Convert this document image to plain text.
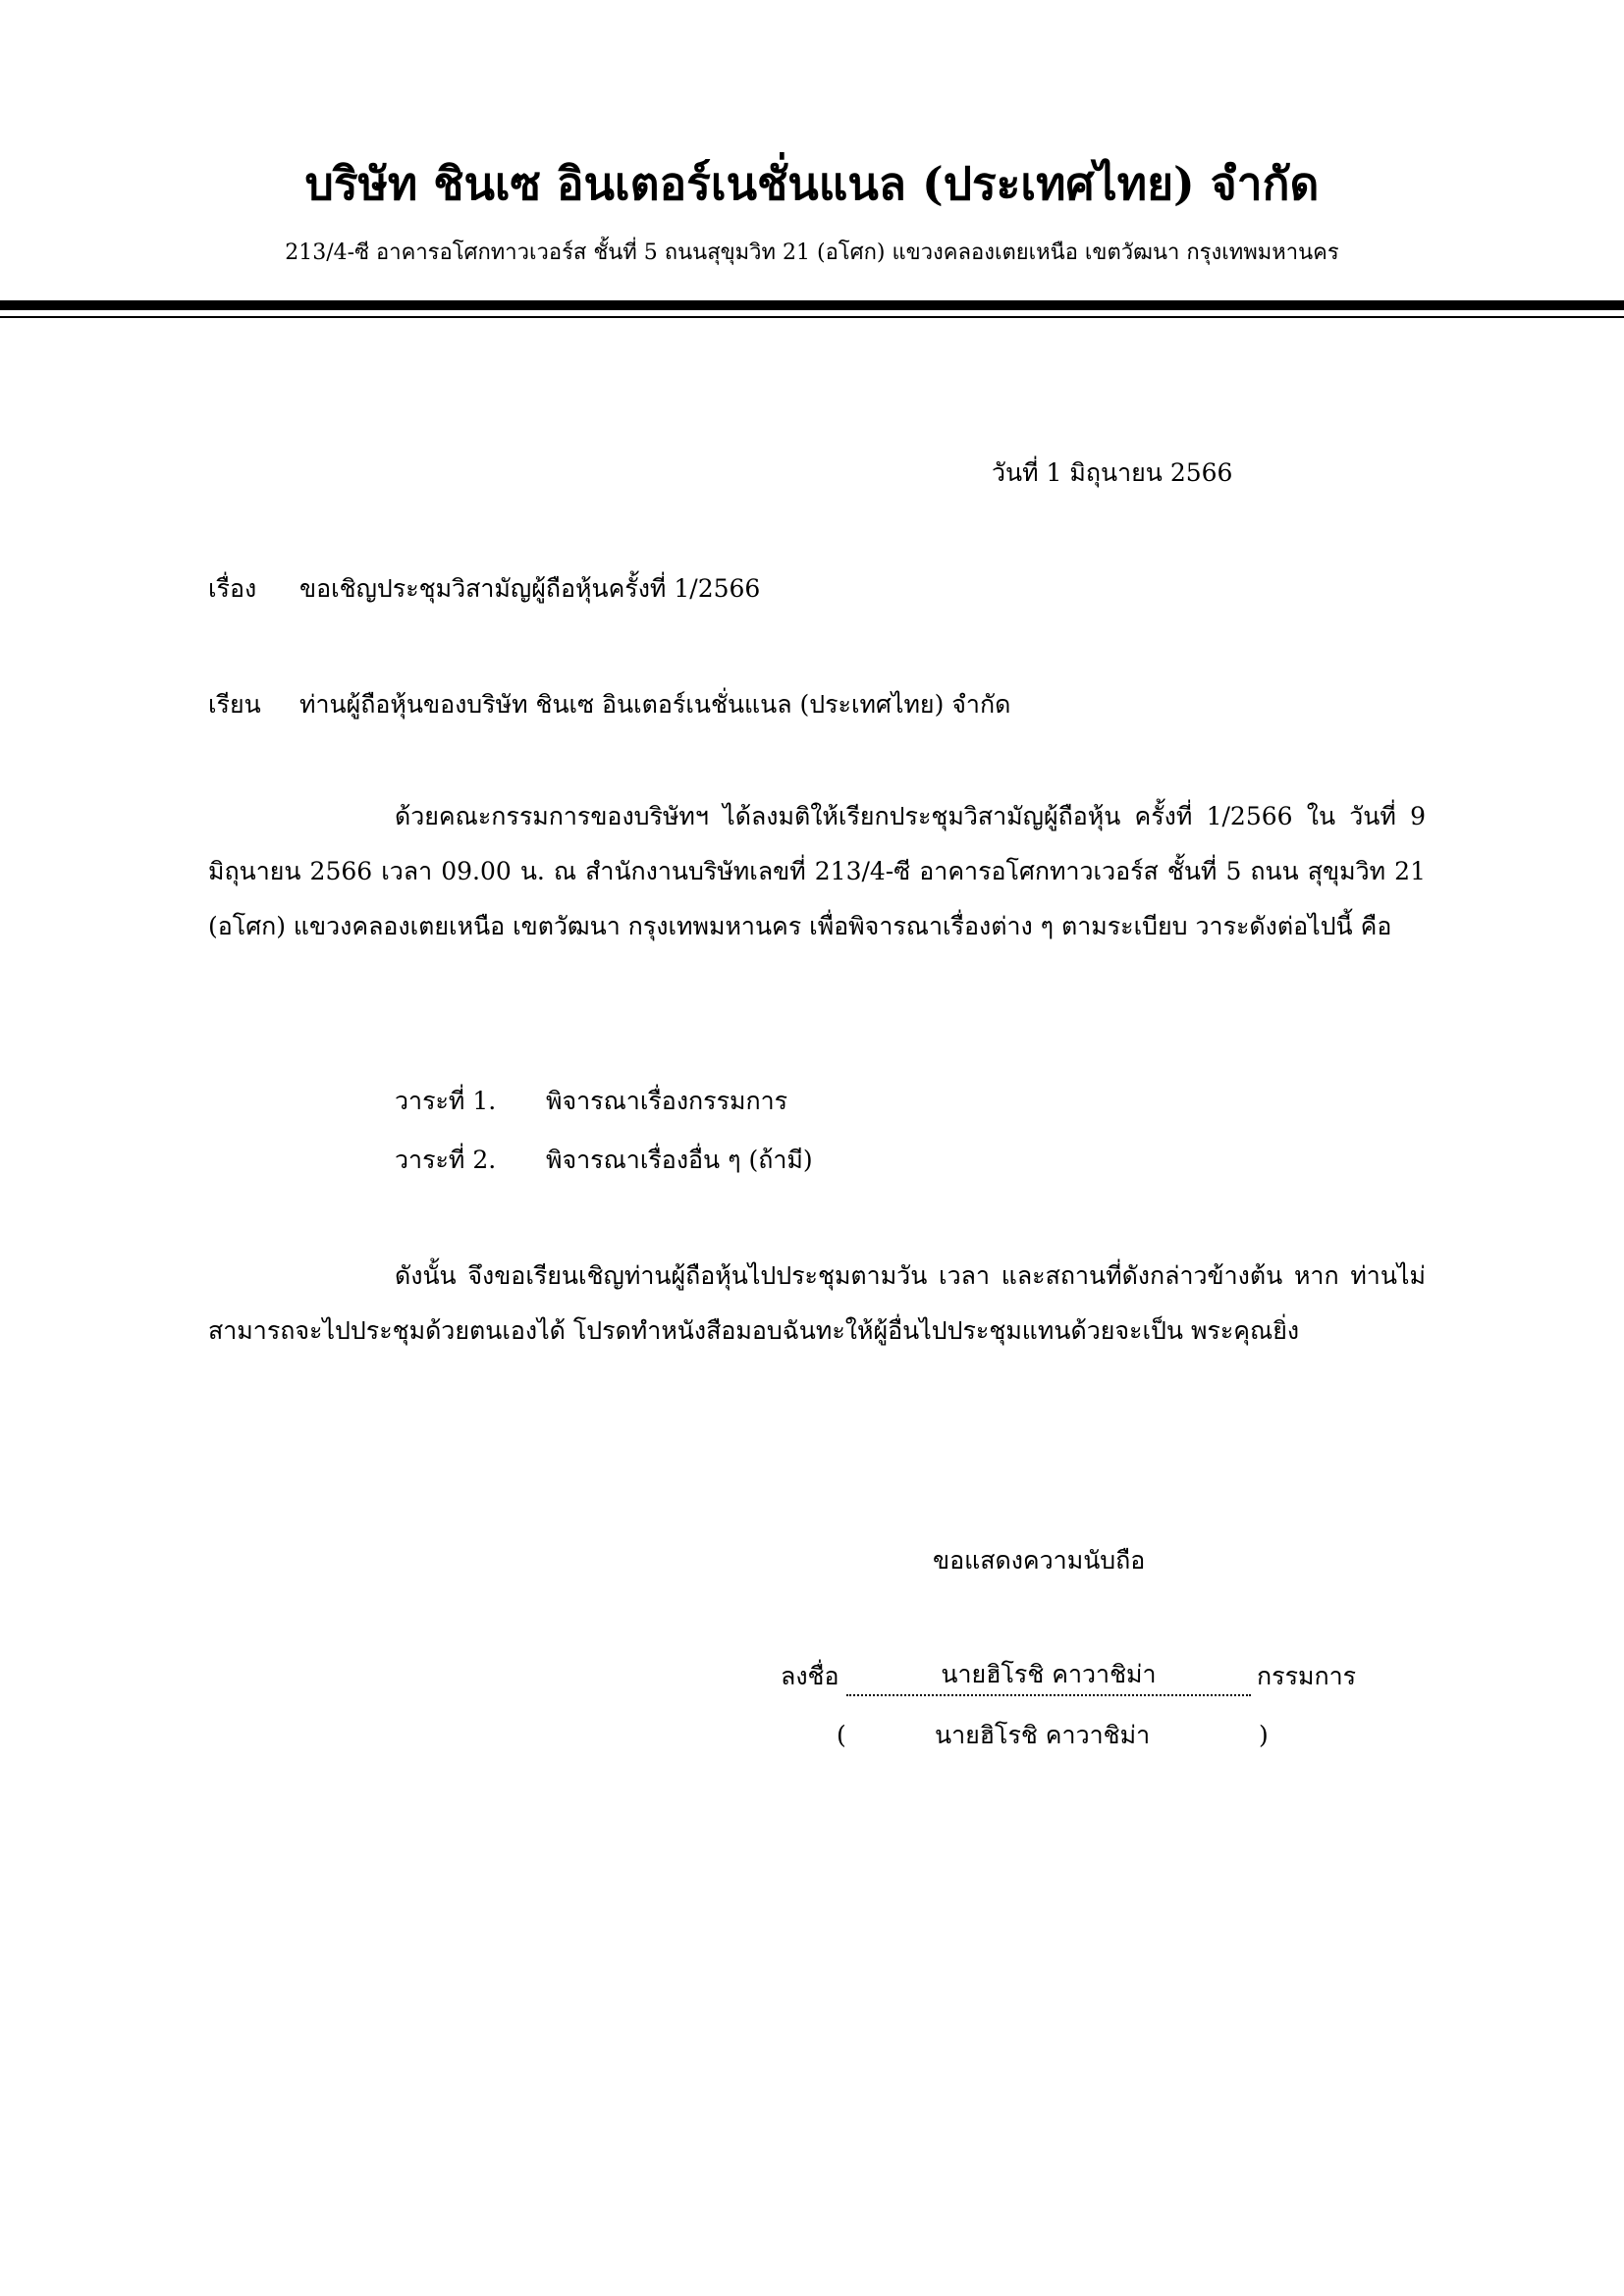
บริษัท ชินเซ อินเตอร์เนชั่นแนล (ประเทศไทย) จำกัด
213/4-ซี อาคารอโศกทาวเวอร์ส ชั้นที่ 5 ถนนสุขุมวิท 21 (อโศก) แขวงคลองเตยเหนือ เขตวัฒนา กรุงเทพมหานคร
วันที่ 1 มิถุนายน 2566
เรื่อง ขอเชิญประชุมวิสามัญผู้ถือหุ้นครั้งที่ 1/2566
เรียน ท่านผู้ถือหุ้นของบริษัท ชินเซ อินเตอร์เนชั่นแนล (ประเทศไทย) จำกัด
ด้วยคณะกรรมการของบริษัทฯ ได้ลงมติให้เรียกประชุมวิสามัญผู้ถือหุ้น ครั้งที่ 1/2566 ใน วันที่ 9 มิถุนายน 2566 เวลา 09.00 น. ณ สำนักงานบริษัทเลขที่ 213/4-ซี อาคารอโศกทาวเวอร์ส ชั้นที่ 5 ถนน สุขุมวิท 21 (อโศก) แขวงคลองเตยเหนือ เขตวัฒนา กรุงเทพมหานคร เพื่อพิจารณาเรื่องต่าง ๆ ตามระเบียบ วาระดังต่อไปนี้ คือ
วาระที่ 1. พิจารณาเรื่องกรรมการ
วาระที่ 2. พิจารณาเรื่องอื่น ๆ (ถ้ามี)
ดังนั้น จึงขอเรียนเชิญท่านผู้ถือหุ้นไปประชุมตามวัน เวลา และสถานที่ดังกล่าวข้างต้น หาก ท่านไม่สามารถจะไปประชุมด้วยตนเองได้ โปรดทำหนังสือมอบฉันทะให้ผู้อื่นไปประชุมแทนด้วยจะเป็น พระคุณยิ่ง
ขอแสดงความนับถือ
ลงชื่อ	นายฮิโรชิ คาวาชิม่า	กรรมการ
(	นายฮิโรชิ คาวาชิม่า	)
